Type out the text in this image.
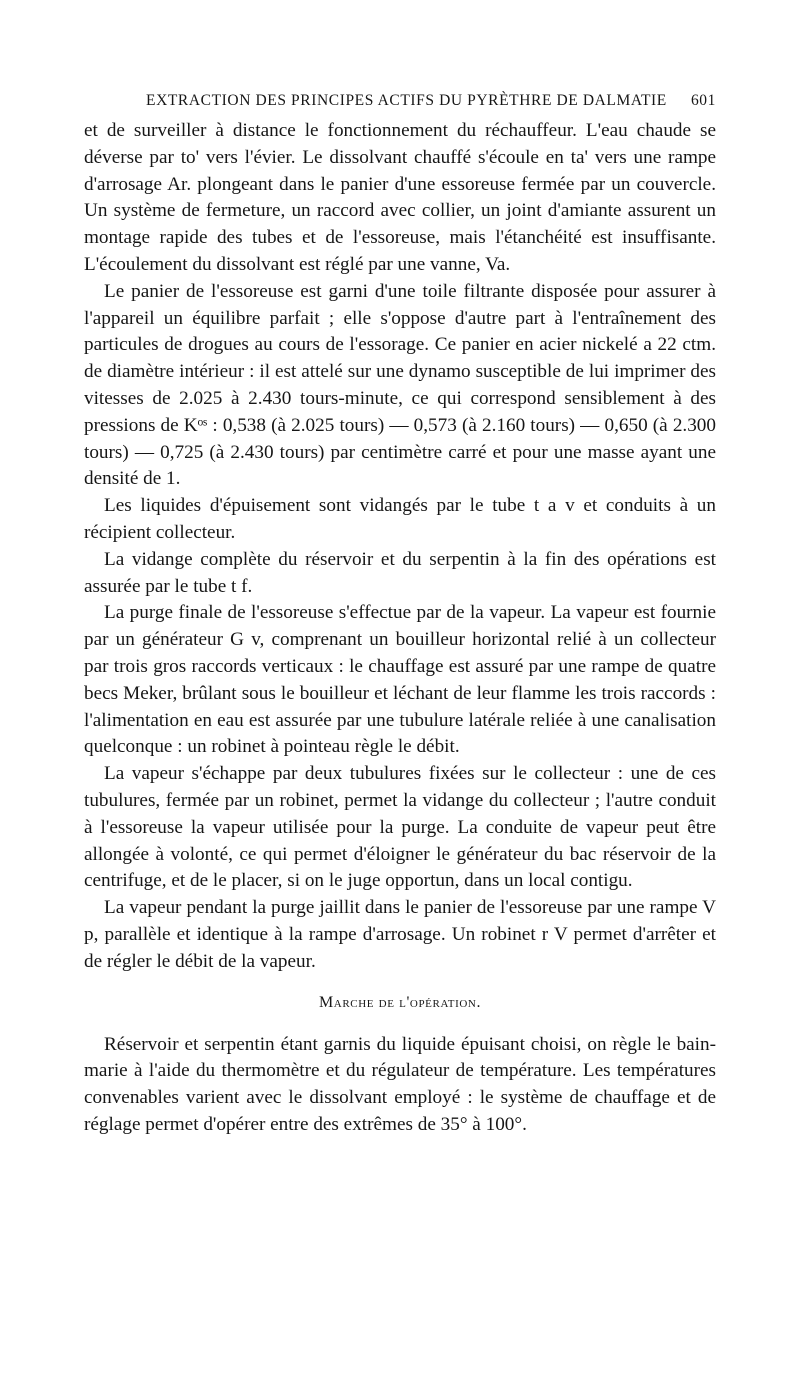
EXTRACTION DES PRINCIPES ACTIFS DU PYRÈTHRE DE DALMATIE 601

et de surveiller à distance le fonctionnement du réchauffeur. L'eau chaude se déverse par to' vers l'évier. Le dissolvant chauffé s'écoule en ta' vers une rampe d'arrosage Ar. plongeant dans le panier d'une essoreuse fermée par un couvercle. Un système de fermeture, un raccord avec collier, un joint d'amiante assurent un montage rapide des tubes et de l'essoreuse, mais l'étanchéité est insuffisante. L'écoulement du dissolvant est réglé par une vanne, Va.

Le panier de l'essoreuse est garni d'une toile filtrante disposée pour assurer à l'appareil un équilibre parfait ; elle s'oppose d'autre part à l'entraînement des particules de drogues au cours de l'essorage. Ce panier en acier nickelé a 22 ctm. de diamètre intérieur : il est attelé sur une dynamo susceptible de lui imprimer des vitesses de 2.025 à 2.430 tours-minute, ce qui correspond sensiblement à des pressions de Kᵒˢ : 0,538 (à 2.025 tours) — 0,573 (à 2.160 tours) — 0,650 (à 2.300 tours) — 0,725 (à 2.430 tours) par centimètre carré et pour une masse ayant une densité de 1.

Les liquides d'épuisement sont vidangés par le tube t a v et conduits à un récipient collecteur.

La vidange complète du réservoir et du serpentin à la fin des opérations est assurée par le tube t f.

La purge finale de l'essoreuse s'effectue par de la vapeur. La vapeur est fournie par un générateur G v, comprenant un bouilleur horizontal relié à un collecteur par trois gros raccords verticaux : le chauffage est assuré par une rampe de quatre becs Meker, brûlant sous le bouilleur et léchant de leur flamme les trois raccords : l'alimentation en eau est assurée par une tubulure latérale reliée à une canalisation quelconque : un robinet à pointeau règle le débit.

La vapeur s'échappe par deux tubulures fixées sur le collecteur : une de ces tubulures, fermée par un robinet, permet la vidange du collecteur ; l'autre conduit à l'essoreuse la vapeur utilisée pour la purge. La conduite de vapeur peut être allongée à volonté, ce qui permet d'éloigner le générateur du bac réservoir de la centrifuge, et de le placer, si on le juge opportun, dans un local contigu.

La vapeur pendant la purge jaillit dans le panier de l'essoreuse par une rampe V p, parallèle et identique à la rampe d'arrosage. Un robinet r V permet d'arrêter et de régler le débit de la vapeur.

Marche de l'opération.

Réservoir et serpentin étant garnis du liquide épuisant choisi, on règle le bain-marie à l'aide du thermomètre et du régulateur de température. Les températures convenables varient avec le dissolvant employé : le système de chauffage et de réglage permet d'opérer entre des extrêmes de 35° à 100°.
